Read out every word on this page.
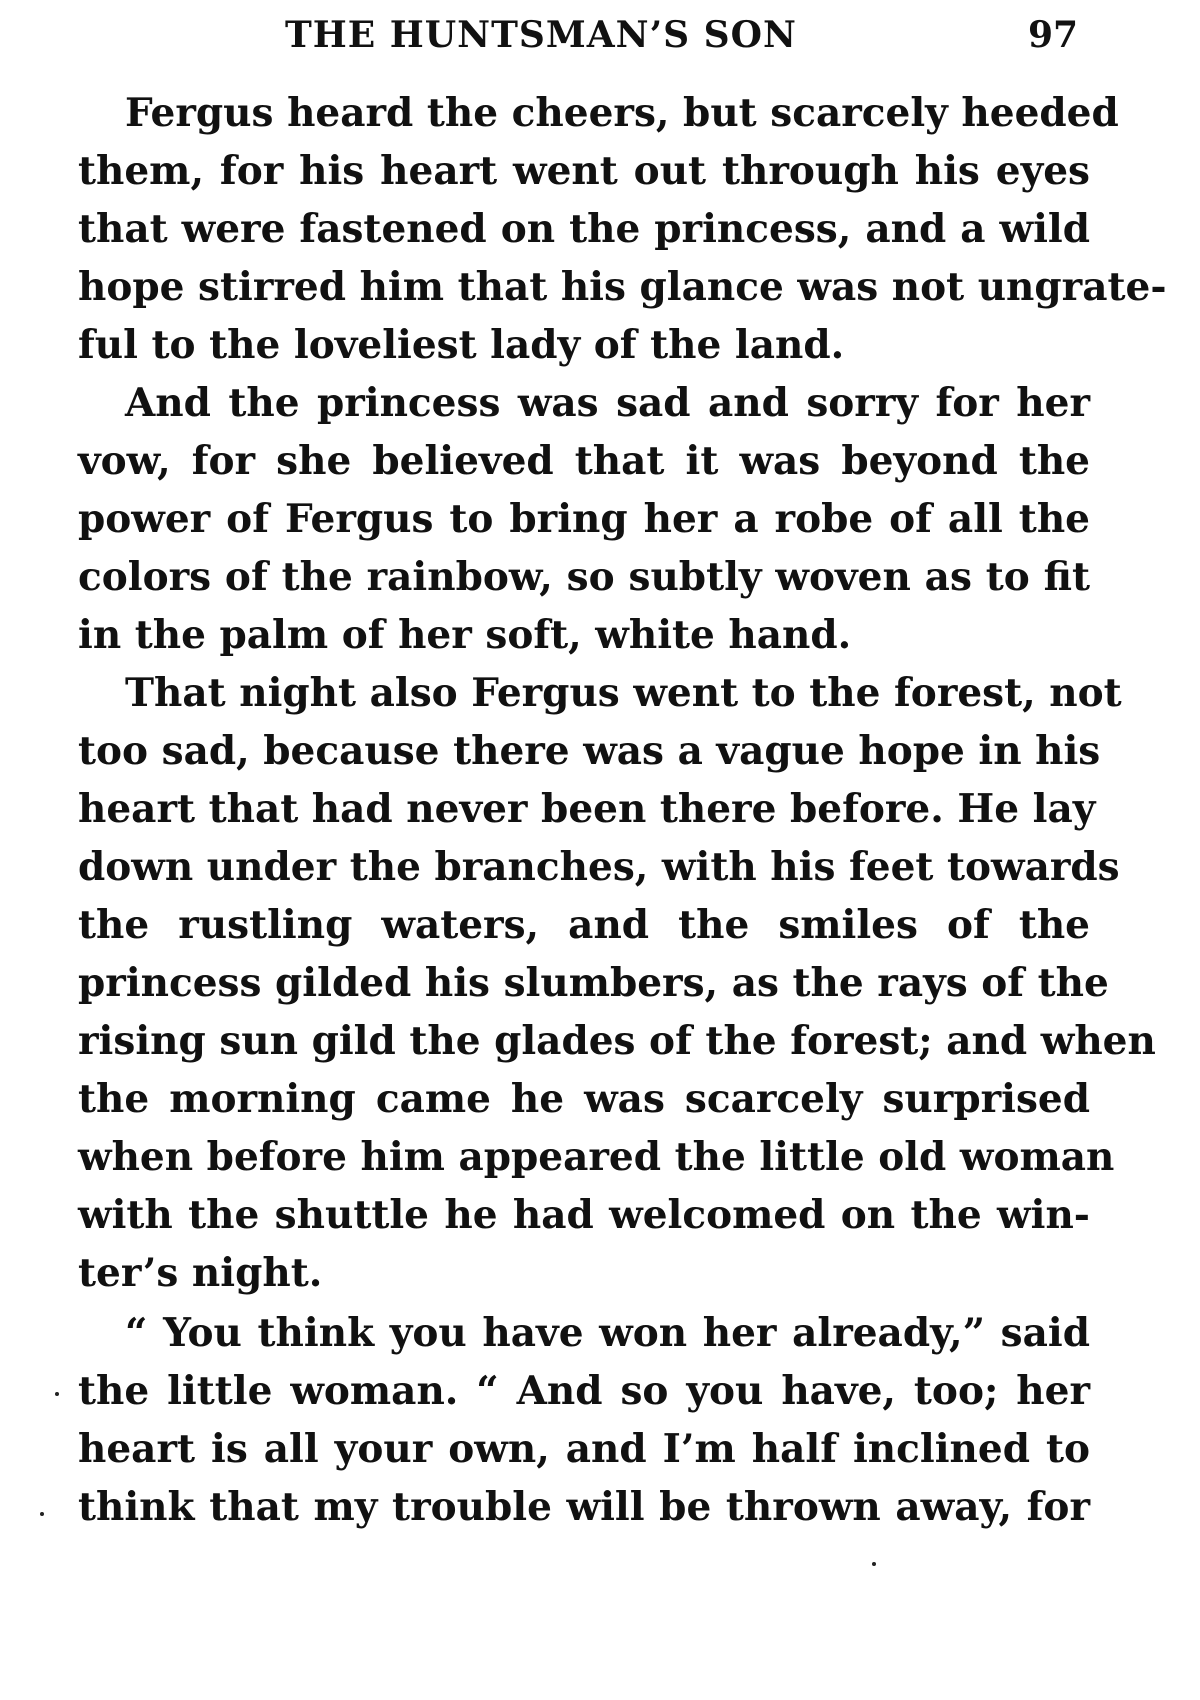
THE HUNTSMAN’S SON	97
Fergus heard the cheers, but scarcely heeded
them, for his heart went out through his eyes
that were fastened on the princess, and a wild
hope stirred him that his glance was not ungrate-
ful to the loveliest lady of the land.
And the princess was sad and sorry for her
vow, for she believed that it was beyond the
power of Fergus to bring her a robe of all the
colors of the rainbow, so subtly woven as to fit
in the palm of her soft, white hand.
That night also Fergus went to the forest, not
too sad, because there was a vague hope in his
heart that had never been there before. He lay
down under the branches, with his feet towards
the rustling waters, and the smiles of the
princess gilded his slumbers, as the rays of the
rising sun gild the glades of the forest; and when
the morning came he was scarcely surprised
when before him appeared the little old woman
with the shuttle he had welcomed on the win-
ter’s night.
“ You think you have won her already,” said
the little woman. “ And so you have, too; her
heart is all your own, and I’m half inclined to
think that my trouble will be thrown away, for
